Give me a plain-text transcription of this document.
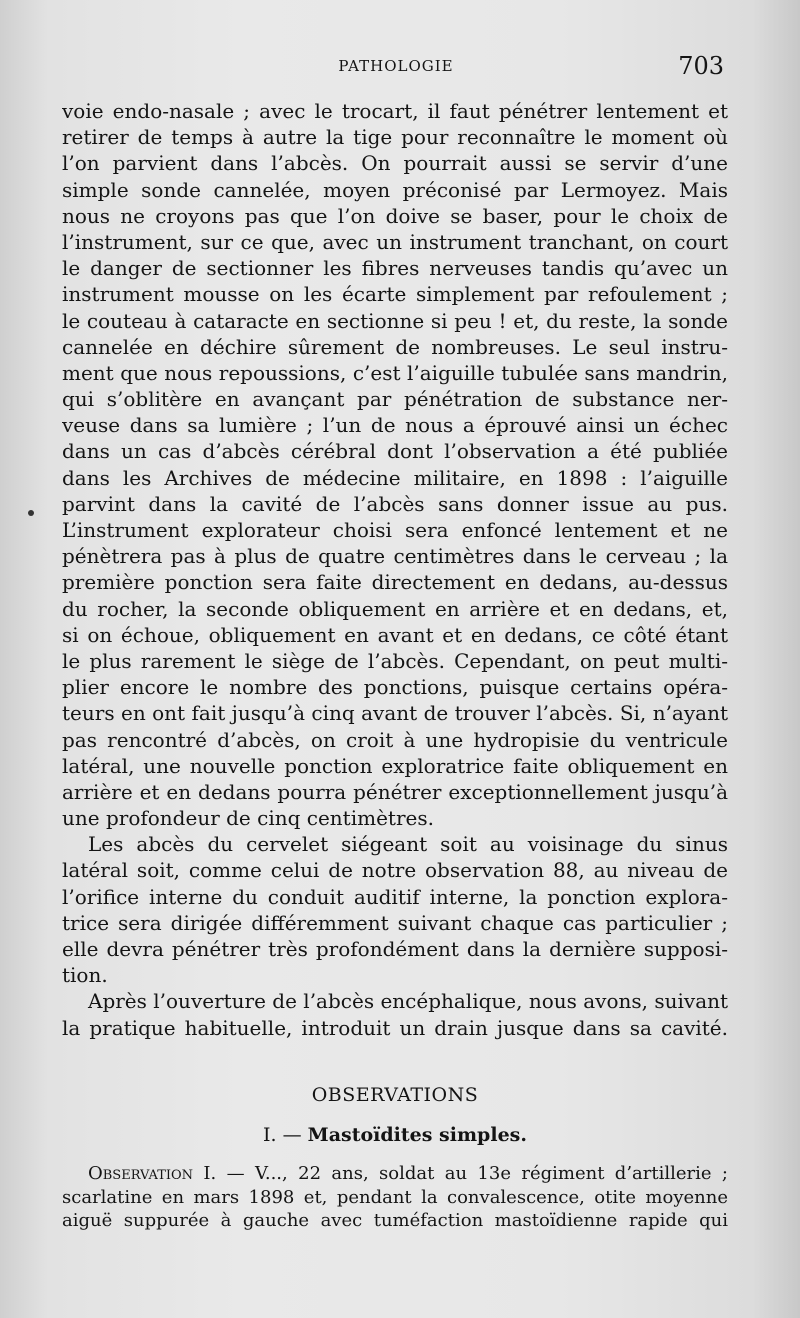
PATHOLOGIE	703
voie endo-nasale ; avec le trocart, il faut pénétrer lentement et
retirer de temps à autre la tige pour reconnaître le moment où
l’on parvient dans l’abcès. On pourrait aussi se servir d’une
simple sonde cannelée, moyen préconisé par Lermoyez. Mais
nous ne croyons pas que l’on doive se baser, pour le choix de
l’instrument, sur ce que, avec un instrument tranchant, on court
le danger de sectionner les fibres nerveuses tandis qu’avec un
instrument mousse on les écarte simplement par refoulement ;
le couteau à cataracte en sectionne si peu ! et, du reste, la sonde
cannelée en déchire sûrement de nombreuses. Le seul instru-
ment que nous repoussions, c’est l’aiguille tubulée sans mandrin,
qui s’oblitère en avançant par pénétration de substance ner-
veuse dans sa lumière ; l’un de nous a éprouvé ainsi un échec
dans un cas d’abcès cérébral dont l’observation a été publiée
dans les Archives de médecine militaire, en 1898 : l’aiguille
parvint dans la cavité de l’abcès sans donner issue au pus.
L’instrument explorateur choisi sera enfoncé lentement et ne
pénètrera pas à plus de quatre centimètres dans le cerveau ; la
première ponction sera faite directement en dedans, au-dessus
du rocher, la seconde obliquement en arrière et en dedans, et,
si on échoue, obliquement en avant et en dedans, ce côté étant
le plus rarement le siège de l’abcès. Cependant, on peut multi-
plier encore le nombre des ponctions, puisque certains opéra-
teurs en ont fait jusqu’à cinq avant de trouver l’abcès. Si, n’ayant
pas rencontré d’abcès, on croit à une hydropisie du ventricule
latéral, une nouvelle ponction exploratrice faite obliquement en
arrière et en dedans pourra pénétrer exceptionnellement jusqu’à
une profondeur de cinq centimètres.
Les abcès du cervelet siégeant soit au voisinage du sinus
latéral soit, comme celui de notre observation 88, au niveau de
l’orifice interne du conduit auditif interne, la ponction explora-
trice sera dirigée différemment suivant chaque cas particulier ;
elle devra pénétrer très profondément dans la dernière supposi-
tion.
Après l’ouverture de l’abcès encéphalique, nous avons, suivant
la pratique habituelle, introduit un drain jusque dans sa cavité.
OBSERVATIONS
I. — Mastoïdites simples.
Observation I. — V..., 22 ans, soldat au 13e régiment d’artillerie ;
scarlatine en mars 1898 et, pendant la convalescence, otite moyenne
aiguë suppurée à gauche avec tuméfaction mastoïdienne rapide qui
